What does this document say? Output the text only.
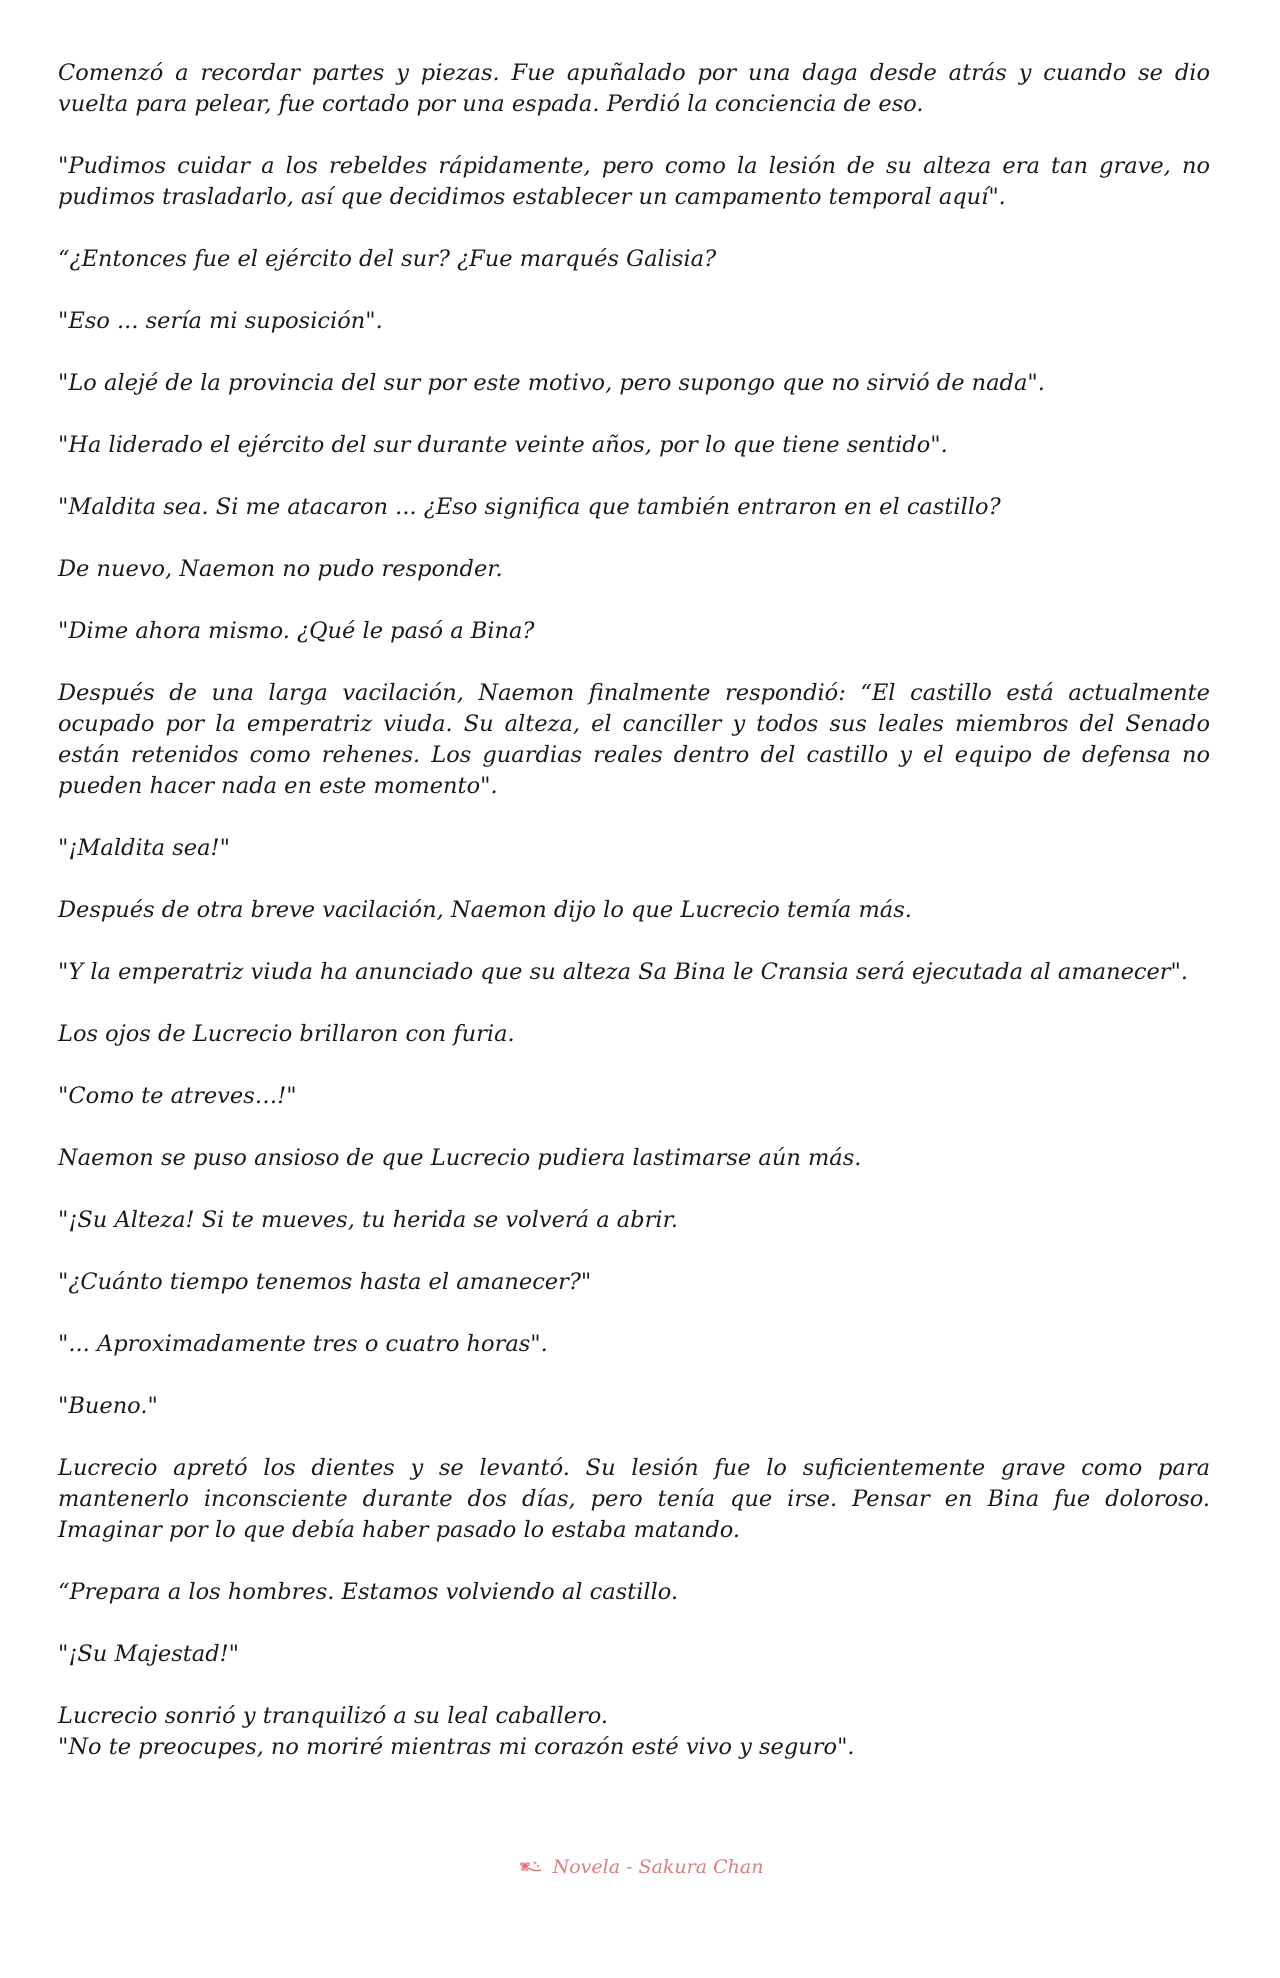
Comenzó a recordar partes y piezas. Fue apuñalado por una daga desde atrás y cuando se dio vuelta para pelear, fue cortado por una espada. Perdió la conciencia de eso.

"Pudimos cuidar a los rebeldes rápidamente, pero como la lesión de su alteza era tan grave, no pudimos trasladarlo, así que decidimos establecer un campamento temporal aquí".

“¿Entonces fue el ejército del sur? ¿Fue marqués Galisia?

"Eso ... sería mi suposición".

"Lo alejé de la provincia del sur por este motivo, pero supongo que no sirvió de nada".

"Ha liderado el ejército del sur durante veinte años, por lo que tiene sentido".

"Maldita sea. Si me atacaron ... ¿Eso significa que también entraron en el castillo?

De nuevo, Naemon no pudo responder.

"Dime ahora mismo. ¿Qué le pasó a Bina?

Después de una larga vacilación, Naemon finalmente respondió: “El castillo está actualmente ocupado por la emperatriz viuda. Su alteza, el canciller y todos sus leales miembros del Senado están retenidos como rehenes. Los guardias reales dentro del castillo y el equipo de defensa no pueden hacer nada en este momento".

"¡Maldita sea!"

Después de otra breve vacilación, Naemon dijo lo que Lucrecio temía más.

"Y la emperatriz viuda ha anunciado que su alteza Sa Bina le Cransia será ejecutada al amanecer".

Los ojos de Lucrecio brillaron con furia.

"Como te atreves…!"

Naemon se puso ansioso de que Lucrecio pudiera lastimarse aún más.

"¡Su Alteza! Si te mueves, tu herida se volverá a abrir.

"¿Cuánto tiempo tenemos hasta el amanecer?"

"... Aproximadamente tres o cuatro horas".

"Bueno."

Lucrecio apretó los dientes y se levantó. Su lesión fue lo suficientemente grave como para mantenerlo inconsciente durante dos días, pero tenía que irse. Pensar en Bina fue doloroso. Imaginar por lo que debía haber pasado lo estaba matando.

“Prepara a los hombres. Estamos volviendo al castillo.

"¡Su Majestad!"

Lucrecio sonrió y tranquilizó a su leal caballero.
"No te preocupes, no moriré mientras mi corazón esté vivo y seguro".

Novela - Sakura Chan
